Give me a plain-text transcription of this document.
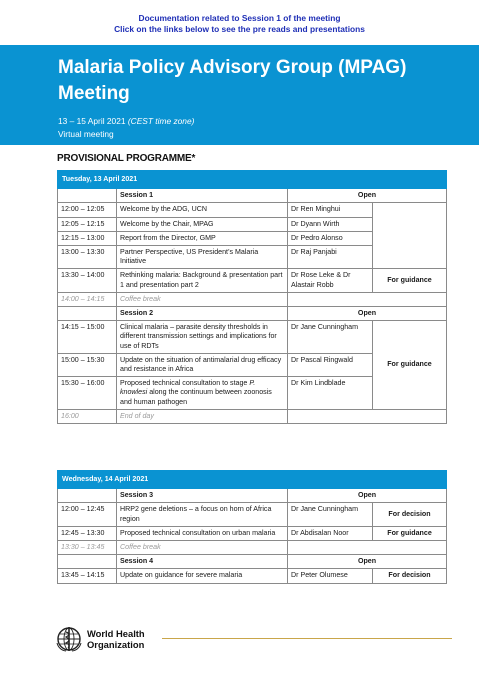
Documentation related to Session 1 of the meeting
Click on the links below to see the pre reads and presentations
Malaria Policy Advisory Group (MPAG) Meeting
13 – 15 April 2021 (CEST time zone)
Virtual meeting
PROVISIONAL PROGRAMME*
Tuesday, 13 April 2021			
	Session 1	Open	
12:00 – 12:05	Welcome by the ADG, UCN	Dr Ren Minghui	
12:05 – 12:15	Welcome by the Chair, MPAG	Dr Dyann Wirth	
12:15 – 13:00	Report from the Director, GMP	Dr Pedro Alonso	
13:00 – 13:30	Partner Perspective, US President’s Malaria Initiative	Dr Raj Panjabi	
13:30 – 14:00	Rethinking malaria: Background & presentation part 1 and presentation part 2	Dr Rose Leke & Dr Alastair Robb	For guidance
14:00 – 14:15	Coffee break		
	Session 2	Open	
14:15 – 15:00	Clinical malaria – parasite density thresholds in different transmission settings and implications for use of RDTs	Dr Jane Cunningham	For guidance
15:00 – 15:30	Update on the situation of antimalarial drug efficacy and resistance in Africa	Dr Pascal Ringwald	
15:30 – 16:00	Proposed technical consultation to stage P. knowlesi along the continuum between zoonosis and human pathogen	Dr Kim Lindblade	
16:00	End of day		
Wednesday, 14 April 2021			
	Session 3	Open	
12:00 – 12:45	HRP2 gene deletions – a focus on horn of Africa region	Dr Jane Cunningham	For decision
12:45 – 13:30	Proposed technical consultation on urban malaria	Dr Abdisalan Noor	For guidance
13:30 – 13:45	Coffee break		
	Session 4	Open	
13:45 – 14:15	Update on guidance for severe malaria	Dr Peter Olumese	For decision
World Health
Organization
